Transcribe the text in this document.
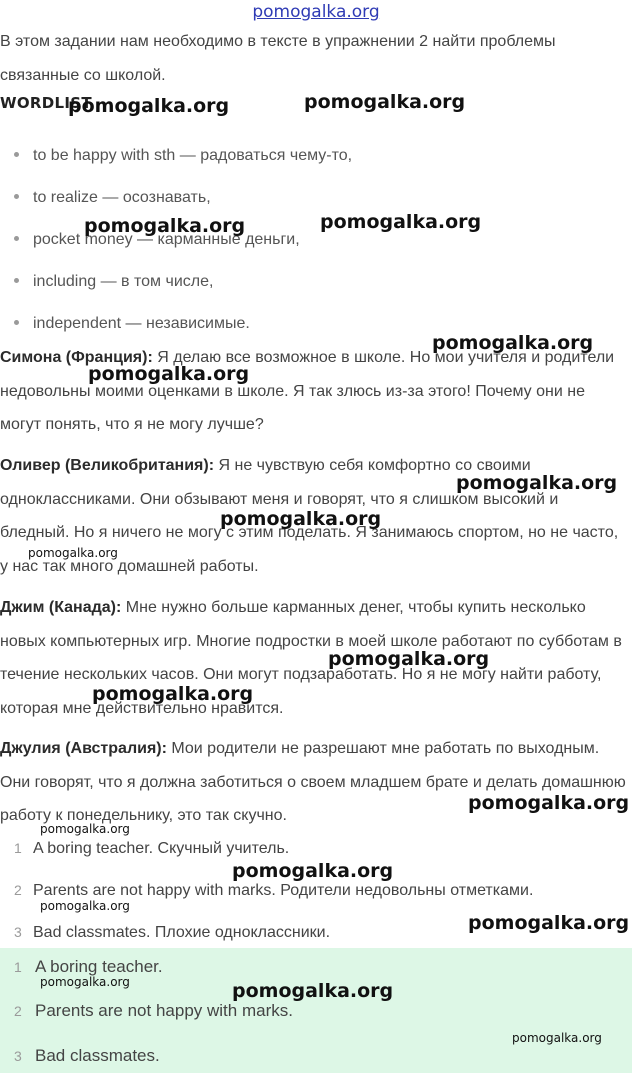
pomogalka.org
В этом задании нам необходимо в тексте в упражнении 2 найти проблемы связанные со школой.
WORDLIST
to be happy with sth — радоваться чему-то,
to realize — осознавать,
pocket money — карманные деньги,
including — в том числе,
independent — независимые.
Симона (Франция): Я делаю все возможное в школе. Но мои учителя и родители недовольны моими оценками в школе. Я так злюсь из-за этого! Почему они не могут понять, что я не могу лучше?
Оливер (Великобритания): Я не чувствую себя комфортно со своими одноклассниками. Они обзывают меня и говорят, что я слишком высокий и бледный. Но я ничего не могу с этим поделать. Я занимаюсь спортом, но не часто, у нас так много домашней работы.
Джим (Канада): Мне нужно больше карманных денег, чтобы купить несколько новых компьютерных игр. Многие подростки в моей школе работают по субботам в течение нескольких часов. Они могут подзаработать. Но я не могу найти работу, которая мне действительно нравится.
Джулия (Австралия): Мои родители не разрешают мне работать по выходным. Они говорят, что я должна заботиться о своем младшем брате и делать домашнюю работу к понедельнику, это так скучно.
1 A boring teacher. Скучный учитель.
2 Parents are not happy with marks. Родители недовольны отметками.
3 Bad classmates. Плохие одноклассники.
1 A boring teacher.
2 Parents are not happy with marks.
3 Bad classmates.
pomogalka.org	pomogalka.org
pomogalka.org	pomogalka.org
pomogalka.org
pomogalka.org
pomogalka.org
pomogalka.org
pomogalka.org
pomogalka.org
pomogalka.org
pomogalka.org
pomogalka.org
pomogalka.org
pomogalka.org
pomogalka.org
pomogalka.org	pomogalka.org
pomogalka.org
